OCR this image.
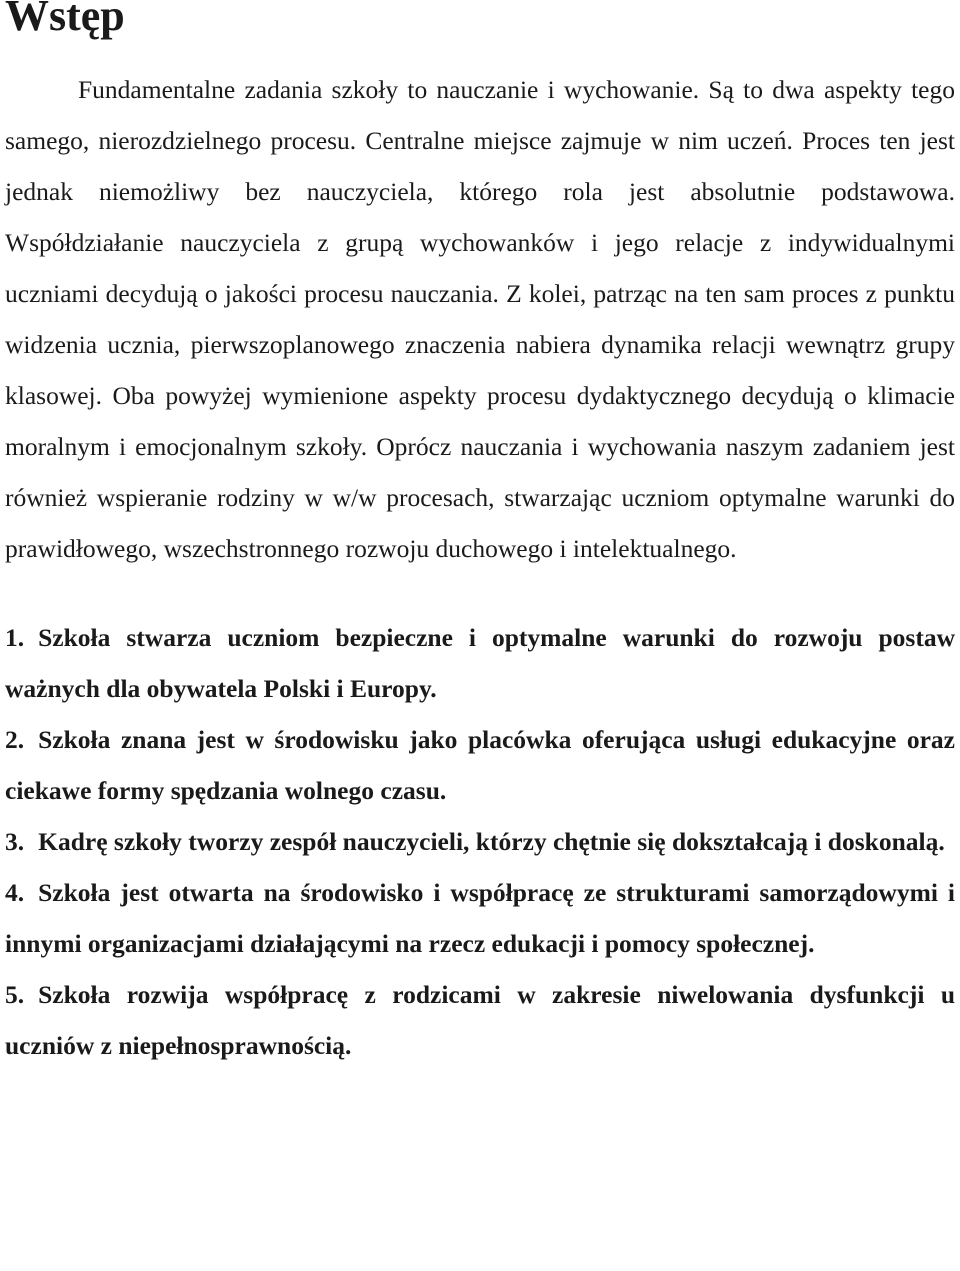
Wstęp

Fundamentalne zadania szkoły to nauczanie i wychowanie. Są to dwa aspekty tego samego, nierozdzielnego procesu. Centralne miejsce zajmuje w nim uczeń. Proces ten jest jednak niemożliwy bez nauczyciela, którego rola jest absolutnie podstawowa. Współdziałanie nauczyciela z grupą wychowanków i jego relacje z indywidualnymi uczniami decydują o jakości procesu nauczania. Z kolei, patrząc na ten sam proces z punktu widzenia ucznia, pierwszoplanowego znaczenia nabiera dynamika relacji wewnątrz grupy klasowej. Oba powyżej wymienione aspekty procesu dydaktycznego decydują o klimacie moralnym i emocjonalnym szkoły. Oprócz nauczania i wychowania naszym zadaniem jest również wspieranie rodziny w w/w procesach, stwarzając uczniom optymalne warunki do prawidłowego, wszechstronnego rozwoju duchowego i intelektualnego.

1. Szkoła stwarza uczniom bezpieczne i optymalne warunki do rozwoju postaw ważnych dla obywatela Polski i Europy.
2. Szkoła znana jest w środowisku jako placówka oferująca usługi edukacyjne oraz ciekawe formy spędzania wolnego czasu.
3. Kadrę szkoły tworzy zespół nauczycieli, którzy chętnie się dokształcają i doskonalą.
4. Szkoła jest otwarta na środowisko i współpracę ze strukturami samorządowymi i innymi organizacjami działającymi na rzecz edukacji i pomocy społecznej.
5. Szkoła rozwija współpracę z rodzicami w zakresie niwelowania dysfunkcji u uczniów z niepełnosprawnością.
